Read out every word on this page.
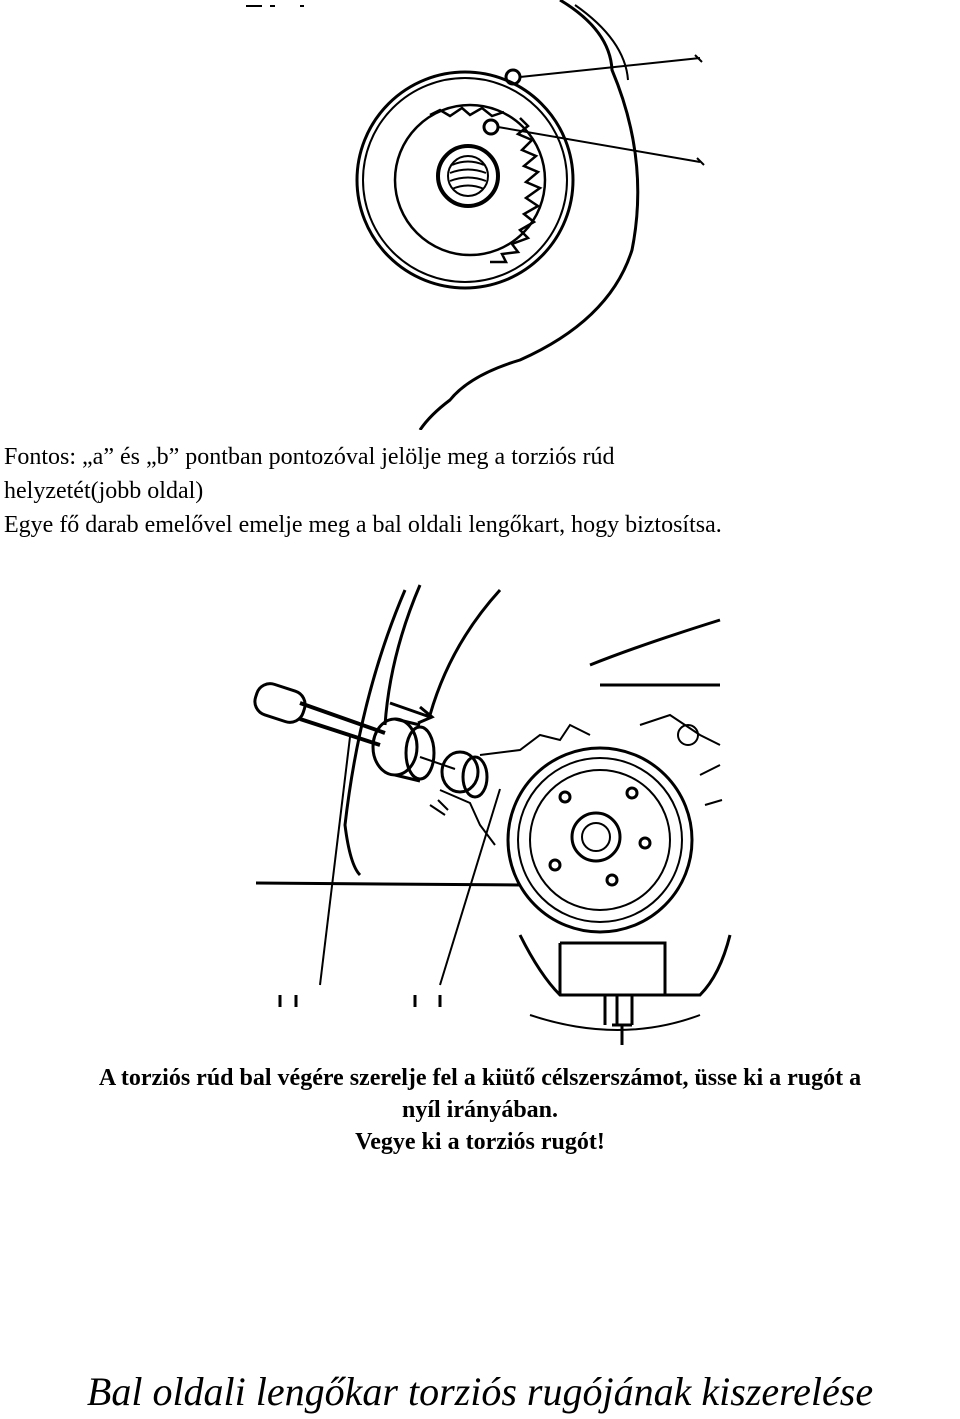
Fontos: „a” és „b” pontban pontozóval jelölje meg a torziós rúd
helyzetét(jobb oldal)
Egye fő darab emelővel emelje meg a bal oldali lengőkart, hogy biztosítsa.
A torziós rúd bal végére szerelje fel a kiütő célszerszámot, üsse ki a rugót a
nyíl irányában.
Vegye ki a torziós rugót!
Bal oldali lengőkar torziós rugójának kiszerelése
